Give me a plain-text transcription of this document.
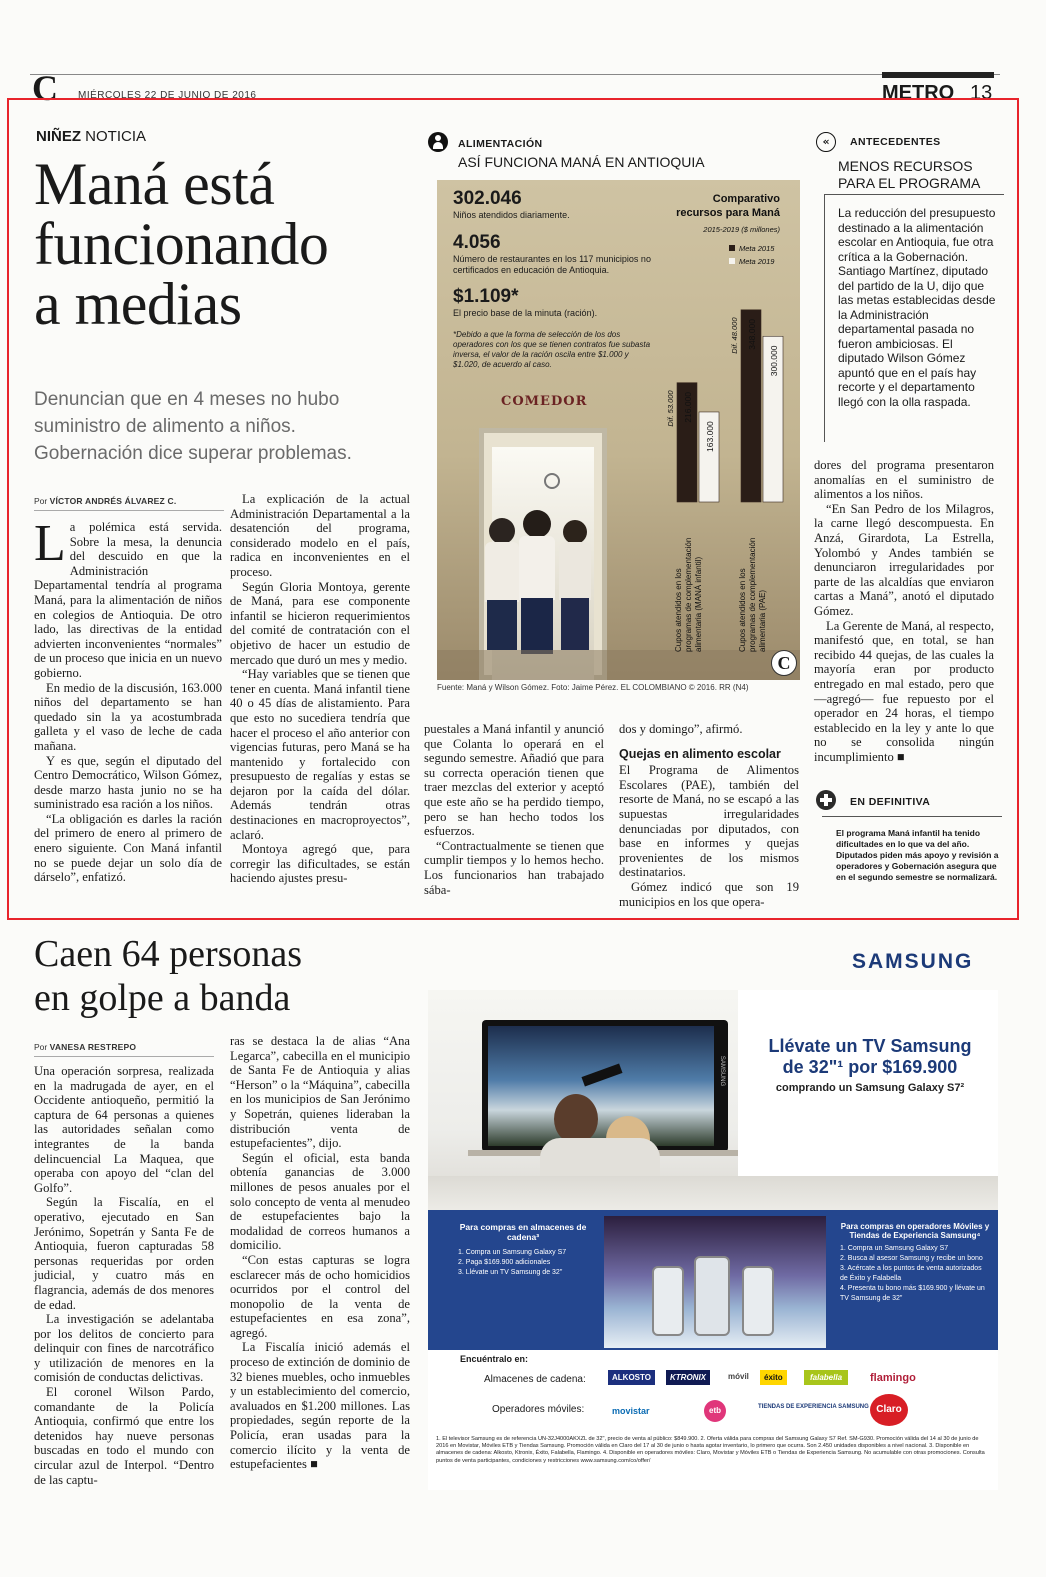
C MIÉRCOLES 22 DE JUNIO DE 2016	METRO 13
NIÑEZ NOTICIA
Maná está
funcionando
a medias
Denuncian que en 4 meses no hubo
suministro de alimento a niños.
Gobernación dice superar problemas.
Por VÍCTOR ANDRÉS ÁLVAREZ C.

La polémica está servida. Sobre la mesa, la denuncia del descuido en que la Administración Departamental tendría al programa Maná, para la alimentación de niños en colegios de Antioquia. De otro lado, las directivas de la entidad advierten inconvenientes “normales” de un proceso que inicia en un nuevo gobierno.

En medio de la discusión, 163.000 niños del departamento se han quedado sin la ya acostumbrada galleta y el vaso de leche de cada mañana.

Y es que, según el diputado del Centro Democrático, Wilson Gómez, desde marzo hasta junio no se ha suministrado esa ración a los niños.

“La obligación es darles la ración del primero de enero al primero de enero siguiente. Con Maná infantil no se puede dejar un solo día de dárselo”, enfatizó.

La explicación de la actual Administración Departamental a la desatención del programa, considerado modelo en el país, radica en inconvenientes en el proceso.

Según Gloria Montoya, gerente de Maná, para ese componente infantil se hicieron requerimientos del comité de contratación con el objetivo de hacer un estudio de mercado que duró un mes y medio.

“Hay variables que se tienen que tener en cuenta. Maná infantil tiene 40 o 45 días de alistamiento. Para que esto no sucediera tendría que hacer el proceso el año anterior con vigencias futuras, pero Maná se ha mantenido y fortalecido con presupuesto de regalías y estas se dejaron por la caída del dólar. Además tendrán otras destinaciones en macroproyectos”, aclaró.

Montoya agregó que, para corregir las dificultades, se están haciendo ajustes presu-

puestales a Maná infantil y anunció que Colanta lo operará en el segundo semestre. Añadió que para su correcta operación tienen que traer mezclas del exterior y aceptó que este año se ha perdido tiempo, pero se han hecho todos los esfuerzos.

“Contractualmente se tienen que cumplir tiempos y lo hemos hecho. Los funcionarios han trabajado sába-

dos y domingo”, afirmó.

Quejas en alimento escolar

El Programa de Alimentos Escolares (PAE), también del resorte de Maná, no se escapó a las supuestas irregularidades denunciadas por diputados, con base en informes y quejas provenientes de los mismos destinatarios.

Gómez indicó que son 19 municipios en los que opera-

dores del programa presentaron anomalías en el suministro de alimentos a los niños.

“En San Pedro de los Milagros, la carne llegó descompuesta. En Anzá, Girardota, La Estrella, Yolombó y Andes también se denunciaron irregularidades por parte de las alcaldías que enviaron cartas a Maná”, anotó el diputado Gómez.

La Gerente de Maná, al respecto, manifestó que, en total, se han recibido 44 quejas, de las cuales la mayoría eran por producto entregado en mal estado, pero que —agregó— fue repuesto por el operador en 24 horas, el tiempo establecido en la ley y ante lo que no se consolida ningún incumplimiento ■

ALIMENTACIÓN
ASÍ FUNCIONA MANÁ EN ANTIOQUIA
COMEDOR
302.046
Niños atendidos diariamente.
4.056
Número de restaurantes en los 117 municipios no certificados en educación de Antioquia.
$1.109*
El precio base de la minuta (ración).
*Debido a que la forma de selección de los dos operadores con los que se tienen contratos fue subasta inversa, el valor de la ración oscila entre $1.000 y $1.020, de acuerdo al caso.
Comparativo
recursos para Maná
2015-2019 ($ millones)
Meta 2015
Meta 2019
216.000
163.000
Dif. 53.000
Cupos atendidos en los programas de complementación alimentaria (MANÁ infantil)
348.000
300.000
Dif. 48.000
Cupos atendidos en los programas de complementación alimentaria (PAE)
C
Fuente: Maná y Wilson Gómez. Foto: Jaime Pérez. EL COLOMBIANO © 2016. RR (N4)
«	ANTECEDENTES
MENOS RECURSOS
PARA EL PROGRAMA
La reducción del presupuesto destinado a la alimentación escolar en Antioquia, fue otra crítica a la Gobernación. Santiago Martínez, diputado del partido de la U, dijo que las metas establecidas desde la Administración departamental pasada no fueron ambiciosas. El diputado Wilson Gómez apuntó que en el país hay recorte y el departamento llegó con la olla raspada.
EN DEFINITIVA
El programa Maná infantil ha tenido dificultades en lo que va del año. Diputados piden más apoyo y revisión a operadores y Gobernación asegura que en el segundo semestre se normalizará.
Caen 64 personas
en golpe a banda
Por VANESA RESTREPO

Una operación sorpresa, realizada en la madrugada de ayer, en el Occidente antioqueño, permitió la captura de 64 personas a quienes las autoridades señalan como integrantes de la banda delincuencial La Maquea, que operaba con apoyo del “clan del Golfo”.

Según la Fiscalía, en el operativo, ejecutado en San Jerónimo, Sopetrán y Santa Fe de Antioquia, fueron capturadas 58 personas requeridas por orden judicial, y cuatro más en flagrancia, además de dos menores de edad.

La investigación se adelantaba por los delitos de concierto para delinquir con fines de narcotráfico y utilización de menores en la comisión de conductas delictivas.

El coronel Wilson Pardo, comandante de la Policía Antioquia, confirmó que entre los detenidos hay nueve personas buscadas en todo el mundo con circular azul de Interpol. “Dentro de las captu-

ras se destaca la de alias “Ana Legarca”, cabecilla en el municipio de Santa Fe de Antioquia y alias “Herson” o la “Máquina”, cabecilla en los municipios de San Jerónimo y Sopetrán, quienes lideraban la distribución venta de estupefacientes”, dijo.

Según el oficial, esta banda obtenía ganancias de 3.000 millones de pesos anuales por el solo concepto de venta al menudeo de estupefacientes bajo la modalidad de correos humanos a domicilio.

“Con estas capturas se logra esclarecer más de ocho homicidios ocurridos por el control del monopolio de la venta de estupefacientes en esa zona”, agregó.

La Fiscalía inició además el proceso de extinción de dominio de 32 bienes muebles, ocho inmuebles y un establecimiento del comercio, avaluados en $1.200 millones. Las propiedades, según reporte de la Policía, eran usadas para la comercio ilícito y la venta de estupefacientes ■

SAMSUNG
SAMSUNG
Llévate un TV Samsung
de 32"¹ por $169.900
comprando un Samsung Galaxy S7²
Para compras en almacenes de cadena³
1. Compra un Samsung Galaxy S7
2. Paga $169.900 adicionales
3. Llévate un TV Samsung de 32"
Para compras en operadores Móviles y Tiendas de Experiencia Samsung⁴
1. Compra un Samsung Galaxy S7
2. Busca al asesor Samsung y recibe un bono
3. Acércate a los puntos de venta autorizados de Éxito y Falabella
4. Presenta tu bono más $169.900 y llévate un TV Samsung de 32"
Encuéntralo en:
Almacenes de cadena:	ALKOSTO	KTRONIX	móvil	éxito	falabella	flamingo
Operadores móviles:	movistar	etb	TIENDAS DE EXPERIENCIA SAMSUNG Claro
1. El televisor Samsung es de referencia UN-32J4000AKXZL de 32", precio de venta al público: $849.900. 2. Oferta válida para compras del Samsung Galaxy S7 Ref. SM-G930. Promoción válida del 14 al 30 de junio de 2016 en Movistar, Móviles ETB y Tiendas Samsung. Promoción válida en Claro del 17 al 30 de junio o hasta agotar inventario, lo primero que ocurra. Son 2.450 unidades disponibles a nivel nacional. 3. Disponible en almacenes de cadena: Alkosto, Ktronix, Éxito, Falabella, Flamingo. 4. Disponible en operadores móviles: Claro, Movistar y Móviles ETB o Tiendas de Experiencia Samsung. No acumulable con otras promociones. Consulta puntos de venta participantes, condiciones y restricciones www.samsung.com/co/offer/
